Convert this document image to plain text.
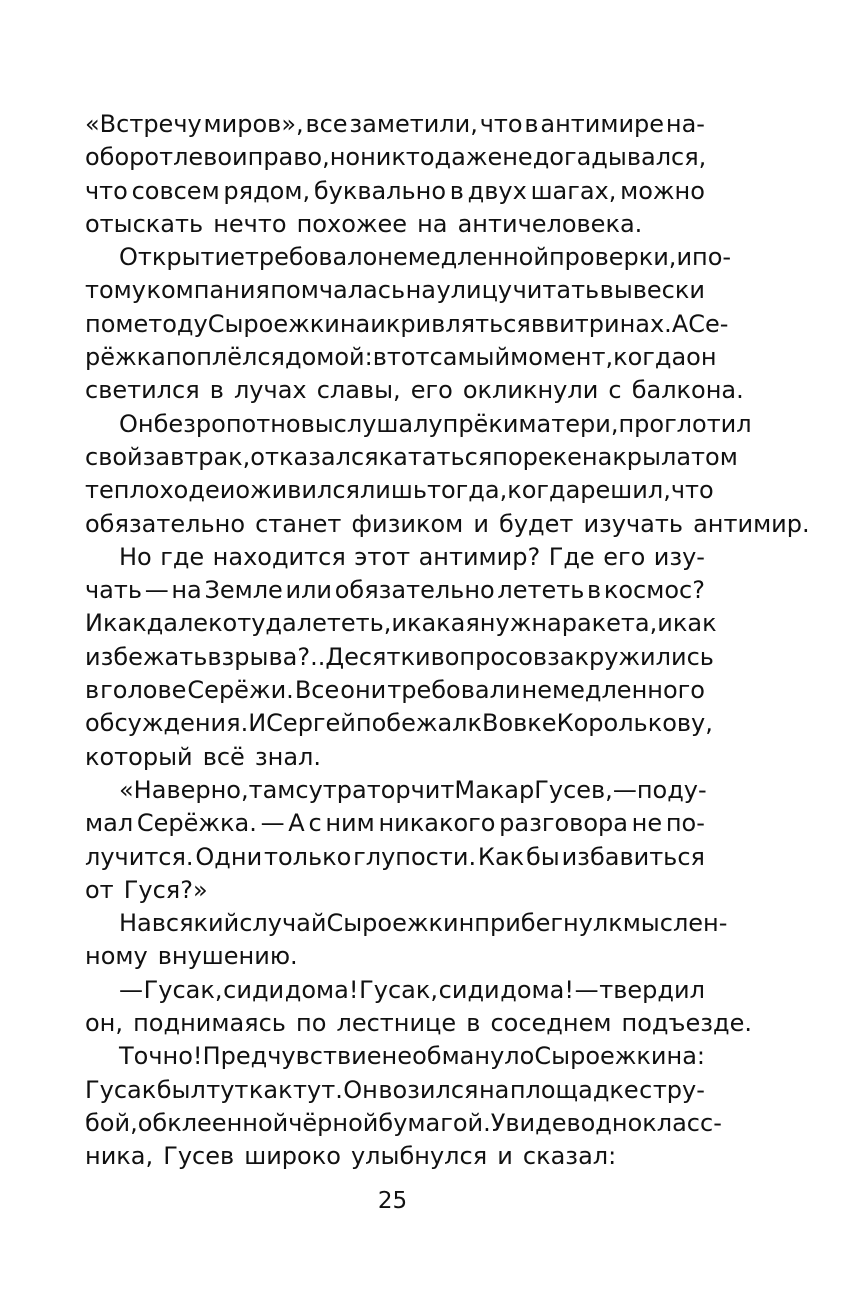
«Встречу миров», все заметили, что в антимире на-
оборот лево и право, но никто даже не догадывался,
что совсем рядом, буквально в двух шагах, можно
отыскать нечто похожее на античеловека.
Открытие требовало немедленной проверки, и по-
тому компания помчалась на улицу читать вывески
по методу Сыроежкина и кривляться в витринах. А Се-
рёжка поплёлся домой: в тот самый момент, когда он
светился в лучах славы, его окликнули с балкона.
Он безропотно выслушал упрёки матери, проглотил
свой завтрак, отказался кататься по реке на крылатом
теплоходе и оживился лишь тогда, когда решил, что
обязательно станет физиком и будет изучать антимир.
Но где находится этот антимир? Где его изу-
чать — на Земле или обязательно лететь в космос?
И как далеко туда лететь, и какая нужна ракета, и как
избежать взрыва?.. Десятки вопросов закружились
в голове Серёжи. Все они требовали немедленного
обсуждения. И Сергей побежал к Вовке Королькову,
который всё знал.
«Наверно, там с утра торчит Макар Гусев, — поду-
мал Серёжка. — А с ним никакого разговора не по-
лучится. Одни только глупости. Как бы избавиться
от Гуся?»
На всякий случай Сыроежкин прибегнул к мыслен-
ному внушению.
— Гусак, сиди дома! Гусак, сиди дома! — твердил
он, поднимаясь по лестнице в соседнем подъезде.
Точно! Предчувствие не обмануло Сыроежкина:
Гусак был тут как тут. Он возился на площадке с тру-
бой, обклеенной чёрной бумагой. Увидев однокласс-
ника, Гусев широко улыбнулся и сказал:
25
